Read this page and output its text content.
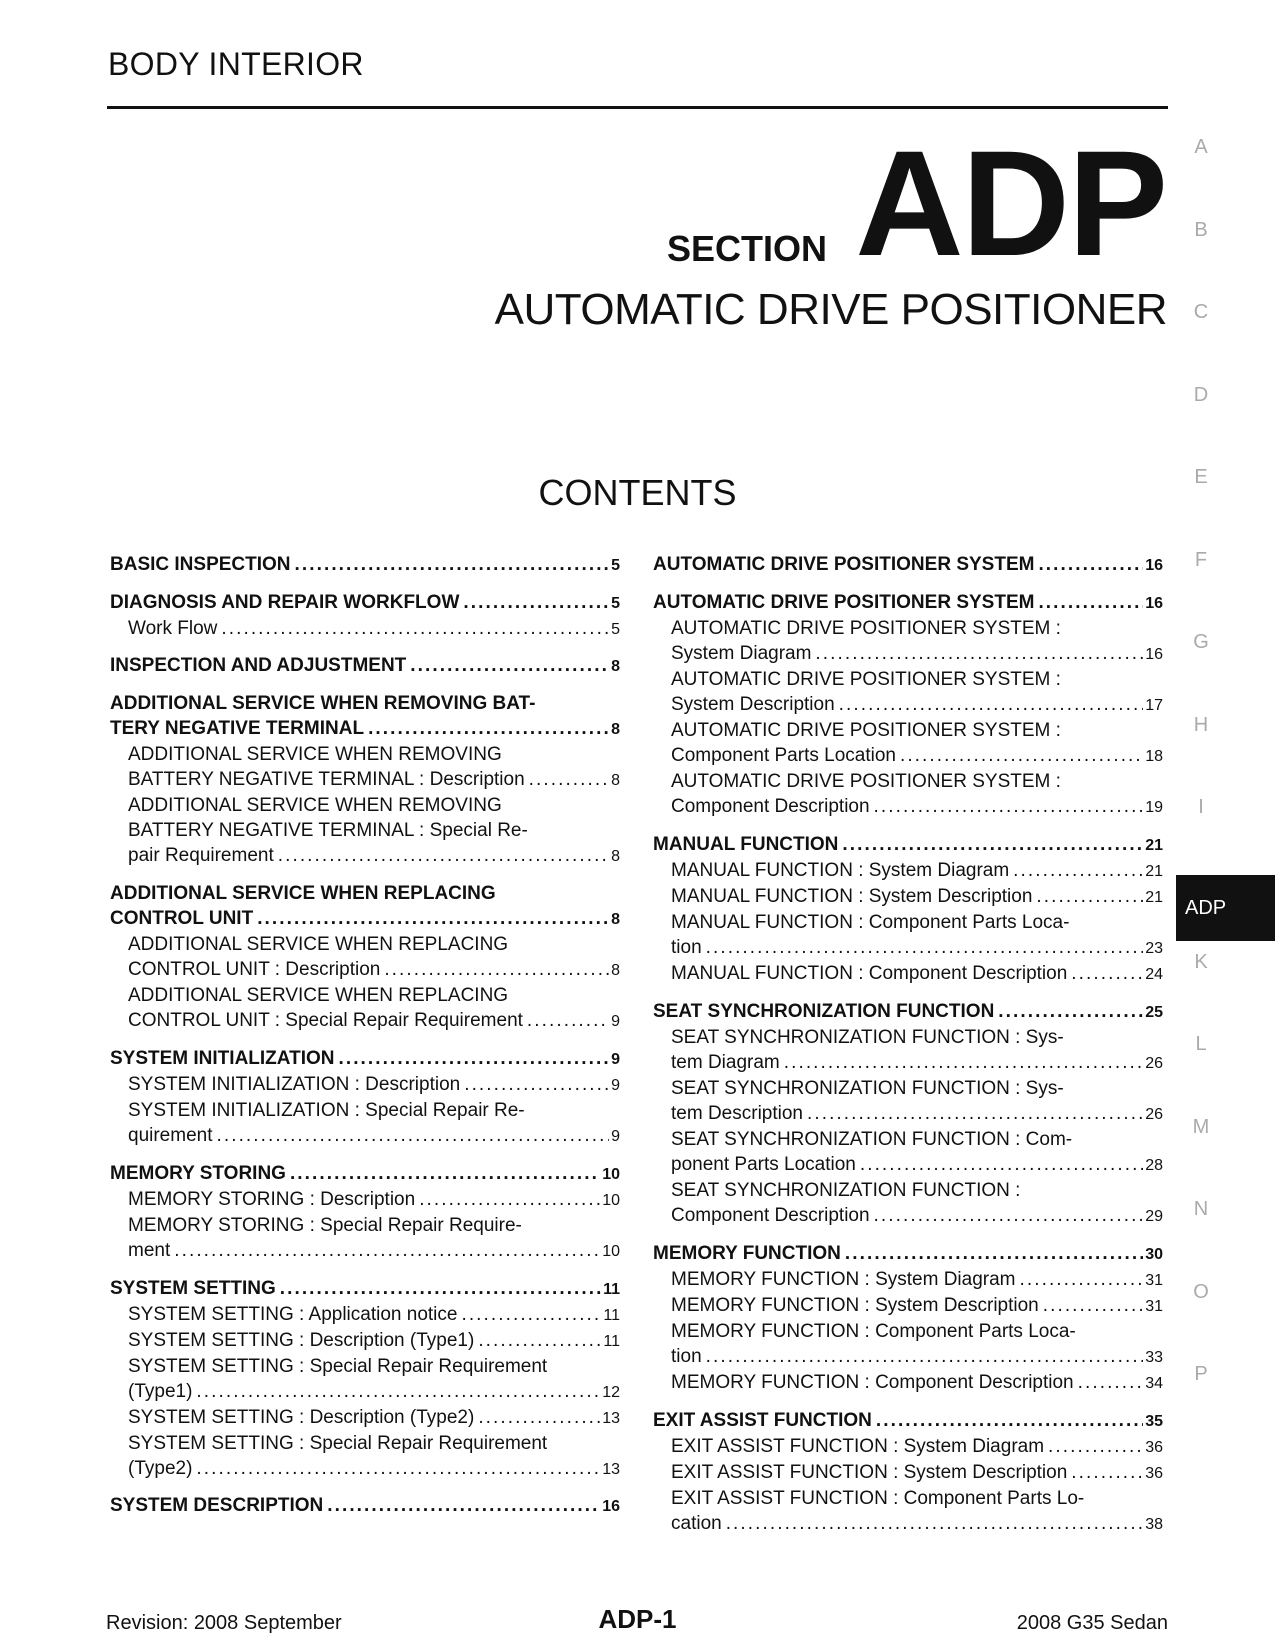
BODY INTERIOR
SECTION ADP
AUTOMATIC DRIVE POSITIONER
CONTENTS
BASIC INSPECTION . . .	5
DIAGNOSIS AND REPAIR WORKFLOW . . .	5
Work Flow . . .	5
INSPECTION AND ADJUSTMENT . . .	8
ADDITIONAL SERVICE WHEN REMOVING BAT-
TERY NEGATIVE TERMINAL . . .	8
ADDITIONAL SERVICE WHEN REMOVING
BATTERY NEGATIVE TERMINAL : Description . . .	8
ADDITIONAL SERVICE WHEN REMOVING
BATTERY NEGATIVE TERMINAL : Special Re-
pair Requirement . . .	8
ADDITIONAL SERVICE WHEN REPLACING
CONTROL UNIT . . .	8
ADDITIONAL SERVICE WHEN REPLACING
CONTROL UNIT : Description . . .	8
ADDITIONAL SERVICE WHEN REPLACING
CONTROL UNIT : Special Repair Requirement . . .	9
SYSTEM INITIALIZATION . . .	9
SYSTEM INITIALIZATION : Description . . .	9
SYSTEM INITIALIZATION : Special Repair Re-
quirement . . .	9
MEMORY STORING . . .	10
MEMORY STORING : Description . . .	10
MEMORY STORING : Special Repair Require-
ment . . .	10
SYSTEM SETTING . . .	11
SYSTEM SETTING : Application notice . . .	11
SYSTEM SETTING : Description (Type1) . . .	11
SYSTEM SETTING : Special Repair Requirement
(Type1) . . .	12
SYSTEM SETTING : Description (Type2) . . .	13
SYSTEM SETTING : Special Repair Requirement
(Type2) . . .	13
SYSTEM DESCRIPTION . . .	16
AUTOMATIC DRIVE POSITIONER SYSTEM . . .	16
AUTOMATIC DRIVE POSITIONER SYSTEM . . .	16
AUTOMATIC DRIVE POSITIONER SYSTEM :
System Diagram . . .	16
AUTOMATIC DRIVE POSITIONER SYSTEM :
System Description . . .	17
AUTOMATIC DRIVE POSITIONER SYSTEM :
Component Parts Location . . .	18
AUTOMATIC DRIVE POSITIONER SYSTEM :
Component Description . . .	19
MANUAL FUNCTION . . .	21
MANUAL FUNCTION : System Diagram . . .	21
MANUAL FUNCTION : System Description . . .	21
MANUAL FUNCTION : Component Parts Loca-
tion . . .	23
MANUAL FUNCTION : Component Description . . .	24
SEAT SYNCHRONIZATION FUNCTION . . .	25
SEAT SYNCHRONIZATION FUNCTION : Sys-
tem Diagram . . .	26
SEAT SYNCHRONIZATION FUNCTION : Sys-
tem Description . . .	26
SEAT SYNCHRONIZATION FUNCTION : Com-
ponent Parts Location . . .	28
SEAT SYNCHRONIZATION FUNCTION :
Component Description . . .	29
MEMORY FUNCTION . . .	30
MEMORY FUNCTION : System Diagram . . .	31
MEMORY FUNCTION : System Description . . .	31
MEMORY FUNCTION : Component Parts Loca-
tion . . .	33
MEMORY FUNCTION : Component Description . . .	34
EXIT ASSIST FUNCTION . . .	35
EXIT ASSIST FUNCTION : System Diagram . . .	36
EXIT ASSIST FUNCTION : System Description . . .	36
EXIT ASSIST FUNCTION : Component Parts Lo-
cation . . .	38
A
B
C
D
E
F
G
H
I
ADP
K
L
M
N
O
P
Revision: 2008 September	ADP-1	2008 G35 Sedan
